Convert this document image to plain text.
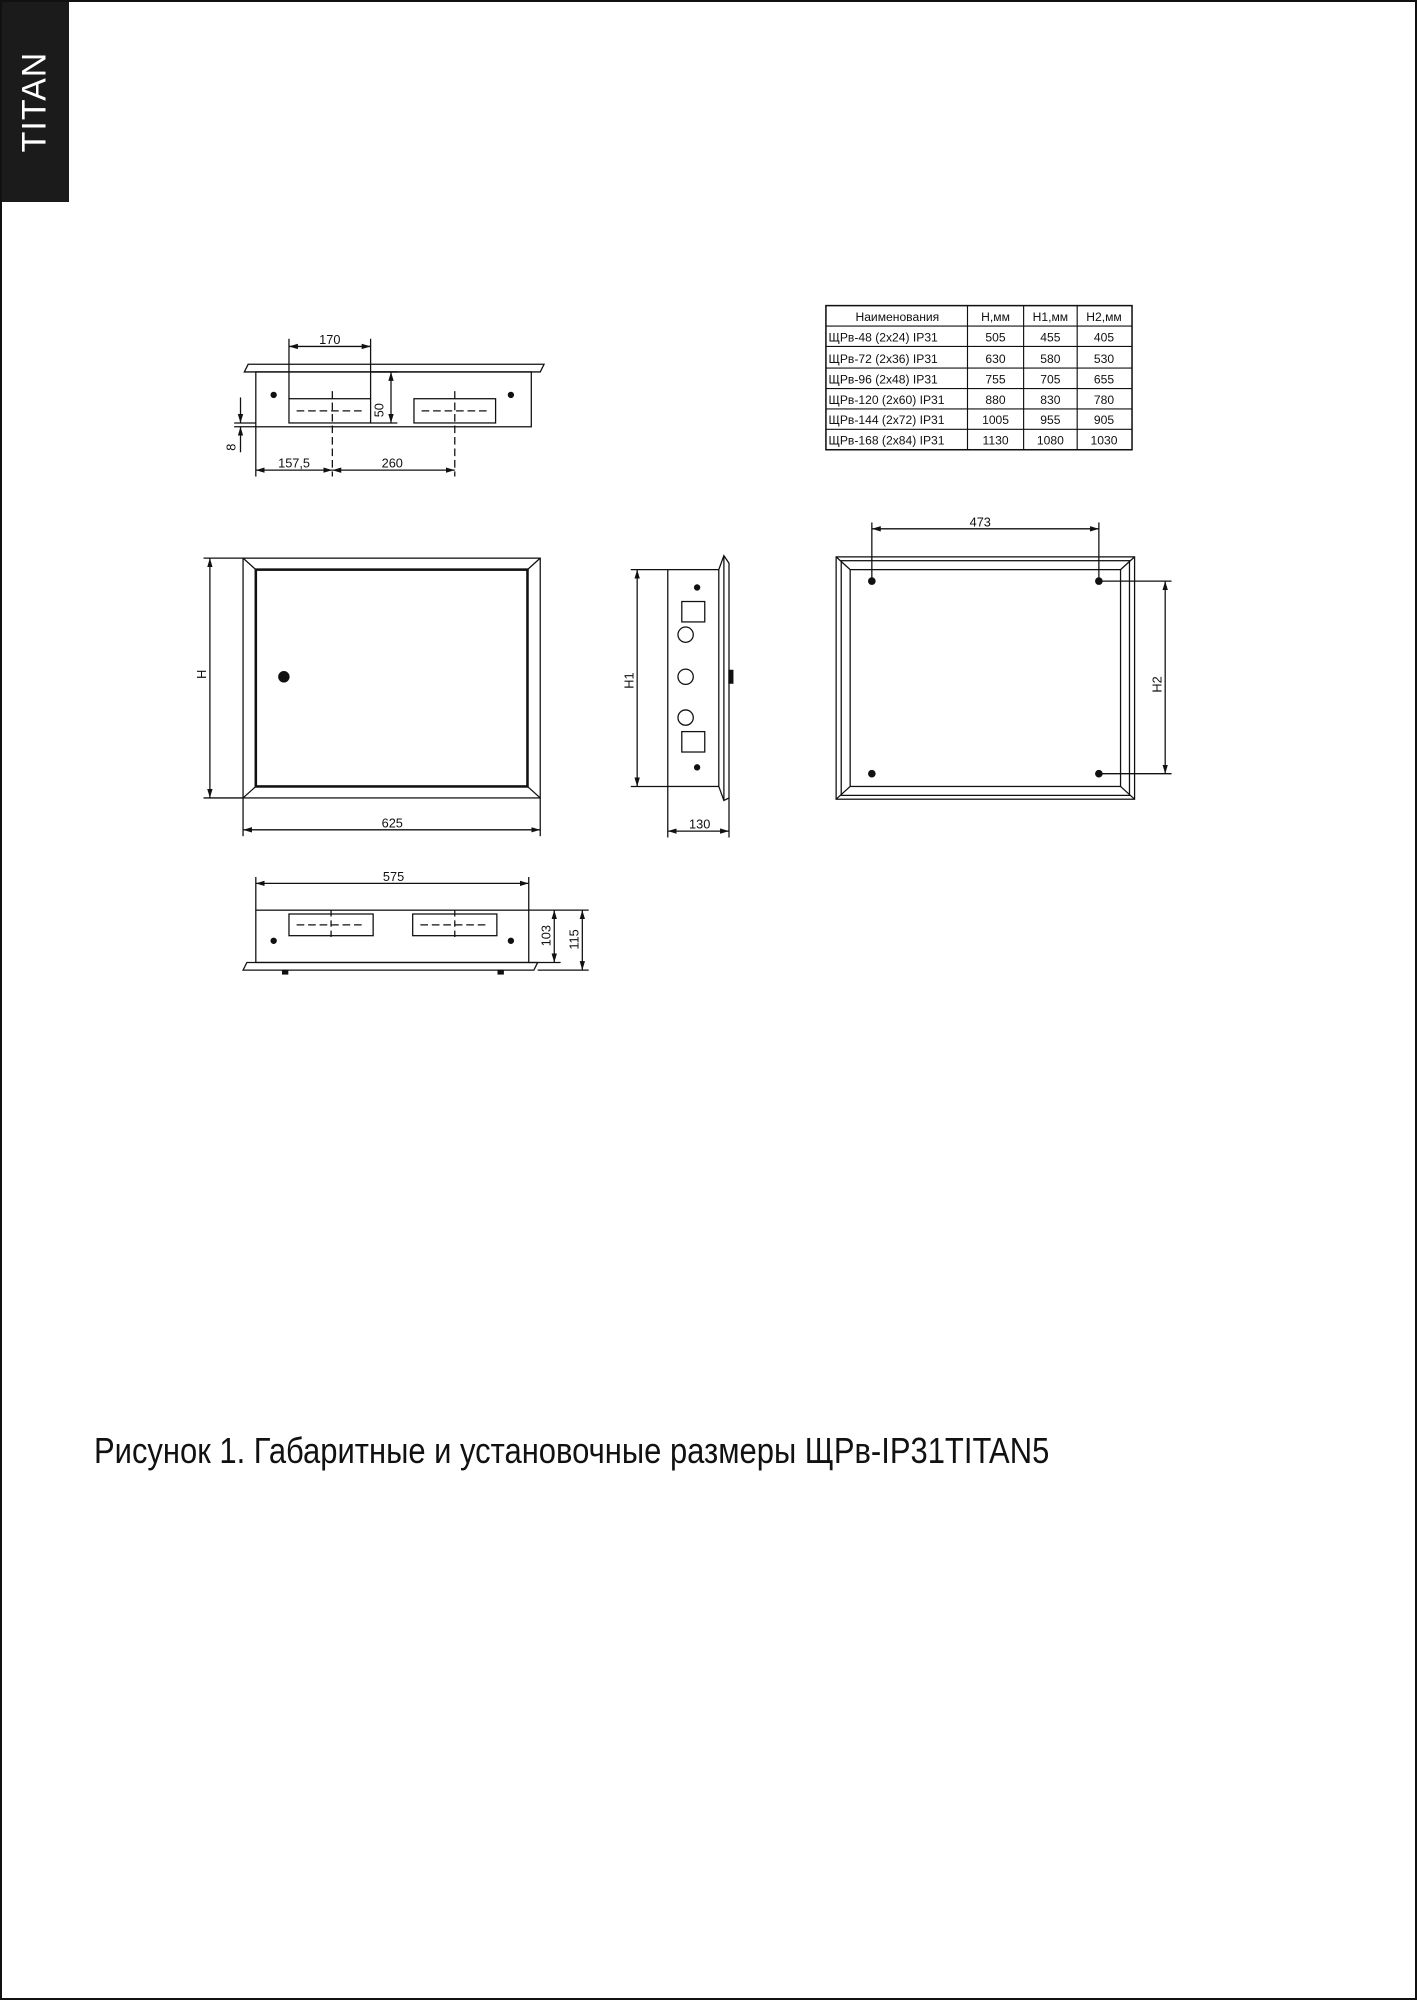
TITAN
170
50
8
157,5	260
H
625
H1
130
473
H2
575
103 115
Наименования	H,мм H1,мм H2,мм
ЩРв-48 (2x24) IP31	505	455	405
ЩРв-72 (2x36) IP31	630	580	530
ЩРв-96 (2x48) IP31	755	705	655
ЩРв-120 (2x60) IP31	880	830	780
ЩРв-144 (2x72) IP31	1005	955	905
ЩРв-168 (2x84) IP31	1130	1080	1030
Рисунок 1. Габаритные и установочные размеры ЩРв-IP31TITAN5
